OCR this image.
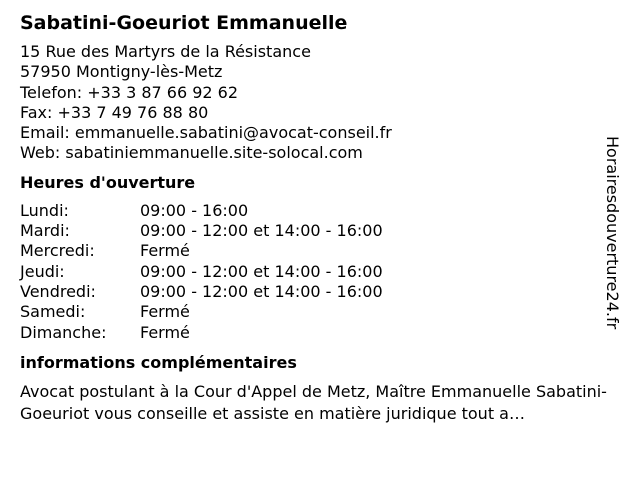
Sabatini-Goeuriot Emmanuelle
15 Rue des Martyrs de la Résistance
57950 Montigny-lès-Metz
Telefon: +33 3 87 66 92 62
Fax: +33 7 49 76 88 80
Email: emmanuelle.sabatini@avocat-conseil.fr
Web: sabatiniemmanuelle.site-solocal.com
Heures d'ouverture
Lundi:	09:00 - 16:00
Mardi:	09:00 - 12:00 et 14:00 - 16:00
Mercredi:	Fermé
Jeudi:	09:00 - 12:00 et 14:00 - 16:00
Vendredi:	09:00 - 12:00 et 14:00 - 16:00
Samedi:	Fermé
Dimanche:	Fermé
informations complémentaires
Avocat postulant à la Cour d'Appel de Metz, Maître Emmanuelle Sabatini-Goeuriot vous conseille et assiste en matière juridique tout a…
Horairesdouverture24.fr
